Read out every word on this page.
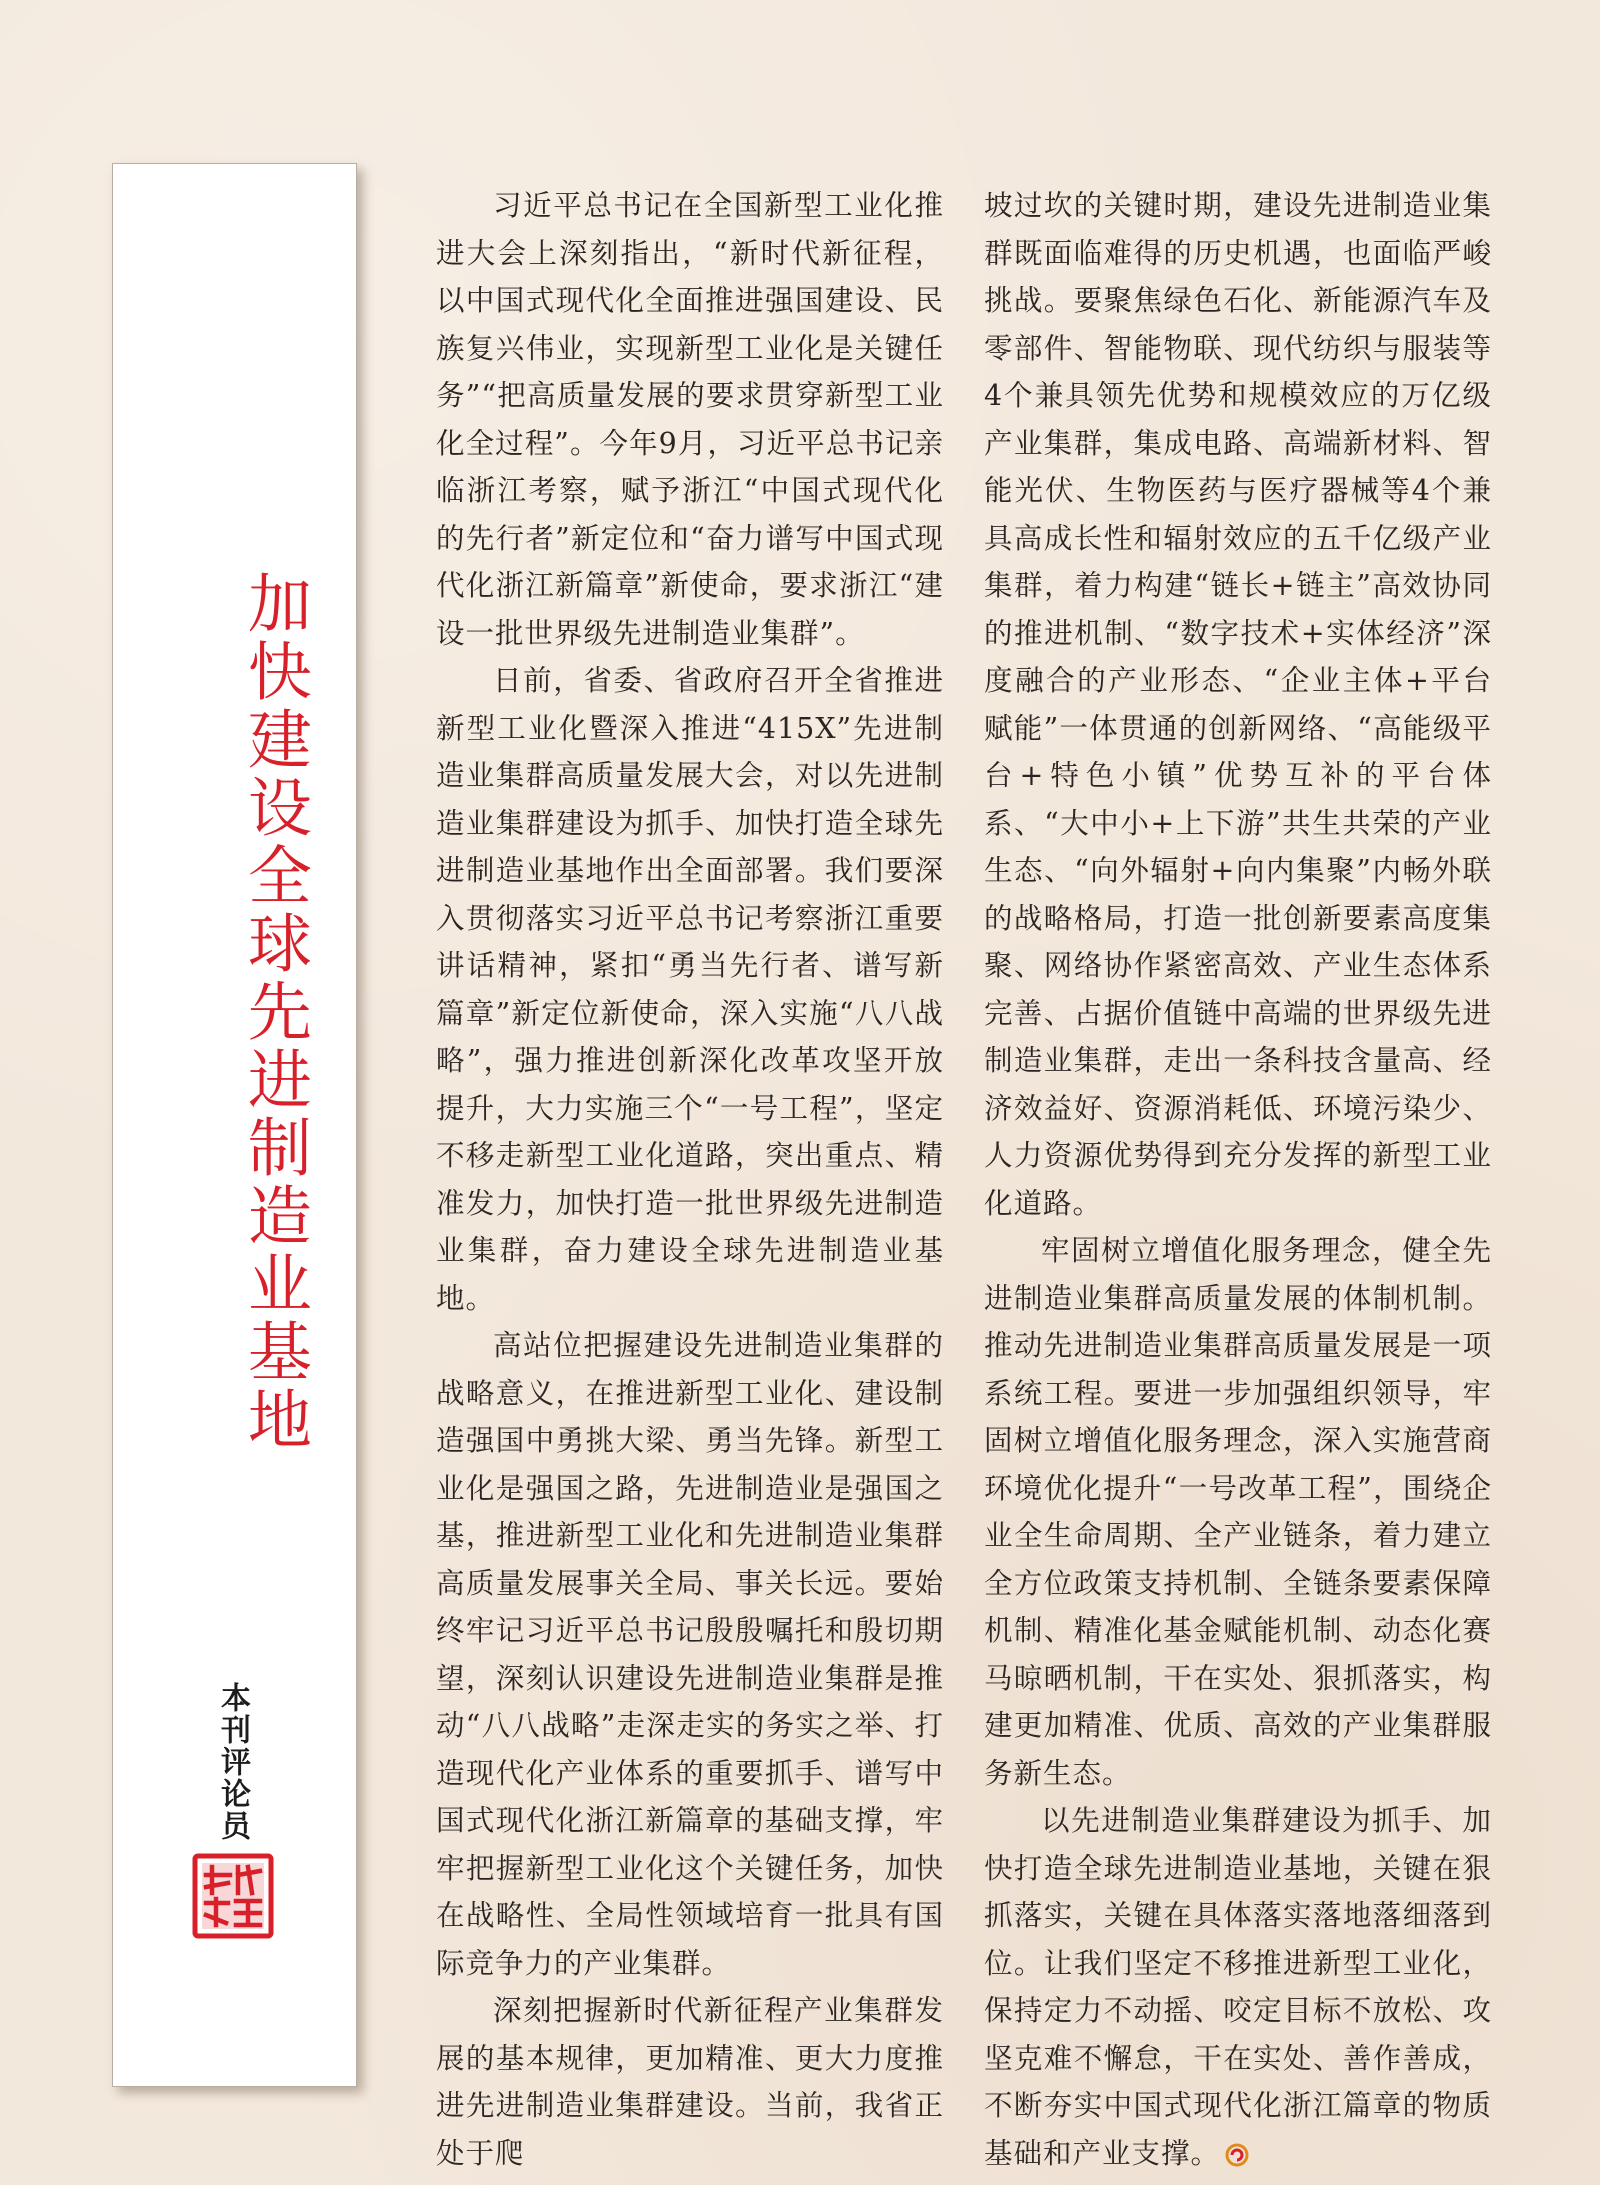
加快建设全球先进制造业基地
本刊评论员

习近平总书记在全国新型工业化推进大会上深刻指出，“新时代新征程，以中国式现代化全面推进强国建设、民族复兴伟业，实现新型工业化是关键任务”“把高质量发展的要求贯穿新型工业化全过程”。今年9月，习近平总书记亲临浙江考察，赋予浙江“中国式现代化的先行者”新定位和“奋力谱写中国式现代化浙江新篇章”新使命，要求浙江“建设一批世界级先进制造业集群”。

日前，省委、省政府召开全省推进新型工业化暨深入推进“415X”先进制造业集群高质量发展大会，对以先进制造业集群建设为抓手、加快打造全球先进制造业基地作出全面部署。我们要深入贯彻落实习近平总书记考察浙江重要讲话精神，紧扣“勇当先行者、谱写新篇章”新定位新使命，深入实施“八八战略”，强力推进创新深化改革攻坚开放提升，大力实施三个“一号工程”，坚定不移走新型工业化道路，突出重点、精准发力，加快打造一批世界级先进制造业集群，奋力建设全球先进制造业基地。

高站位把握建设先进制造业集群的战略意义，在推进新型工业化、建设制造强国中勇挑大梁、勇当先锋。新型工业化是强国之路，先进制造业是强国之基，推进新型工业化和先进制造业集群高质量发展事关全局、事关长远。要始终牢记习近平总书记殷殷嘱托和殷切期望，深刻认识建设先进制造业集群是推动“八八战略”走深走实的务实之举、打造现代化产业体系的重要抓手、谱写中国式现代化浙江新篇章的基础支撑，牢牢把握新型工业化这个关键任务，加快在战略性、全局性领域培育一批具有国际竞争力的产业集群。

深刻把握新时代新征程产业集群发展的基本规律，更加精准、更大力度推进先进制造业集群建设。当前，我省正处于爬

坡过坎的关键时期，建设先进制造业集群既面临难得的历史机遇，也面临严峻挑战。要聚焦绿色石化、新能源汽车及零部件、智能物联、现代纺织与服装等4个兼具领先优势和规模效应的万亿级产业集群，集成电路、高端新材料、智能光伏、生物医药与医疗器械等4个兼具高成长性和辐射效应的五千亿级产业集群，着力构建“链长+链主”高效协同的推进机制、“数字技术+实体经济”深度融合的产业形态、“企业主体+平台赋能”一体贯通的创新网络、“高能级平台+特色小镇”优势互补的平台体系、“大中小+上下游”共生共荣的产业生态、“向外辐射+向内集聚”内畅外联的战略格局，打造一批创新要素高度集聚、网络协作紧密高效、产业生态体系完善、占据价值链中高端的世界级先进制造业集群，走出一条科技含量高、经济效益好、资源消耗低、环境污染少、人力资源优势得到充分发挥的新型工业化道路。

牢固树立增值化服务理念，健全先进制造业集群高质量发展的体制机制。推动先进制造业集群高质量发展是一项系统工程。要进一步加强组织领导，牢固树立增值化服务理念，深入实施营商环境优化提升“一号改革工程”，围绕企业全生命周期、全产业链条，着力建立全方位政策支持机制、全链条要素保障机制、精准化基金赋能机制、动态化赛马晾晒机制，干在实处、狠抓落实，构建更加精准、优质、高效的产业集群服务新生态。

以先进制造业集群建设为抓手、加快打造全球先进制造业基地，关键在狠抓落实，关键在具体落实落地落细落到位。让我们坚定不移推进新型工业化，保持定力不动摇、咬定目标不放松、攻坚克难不懈怠，干在实处、善作善成，不断夯实中国式现代化浙江篇章的物质基础和产业支撑。
